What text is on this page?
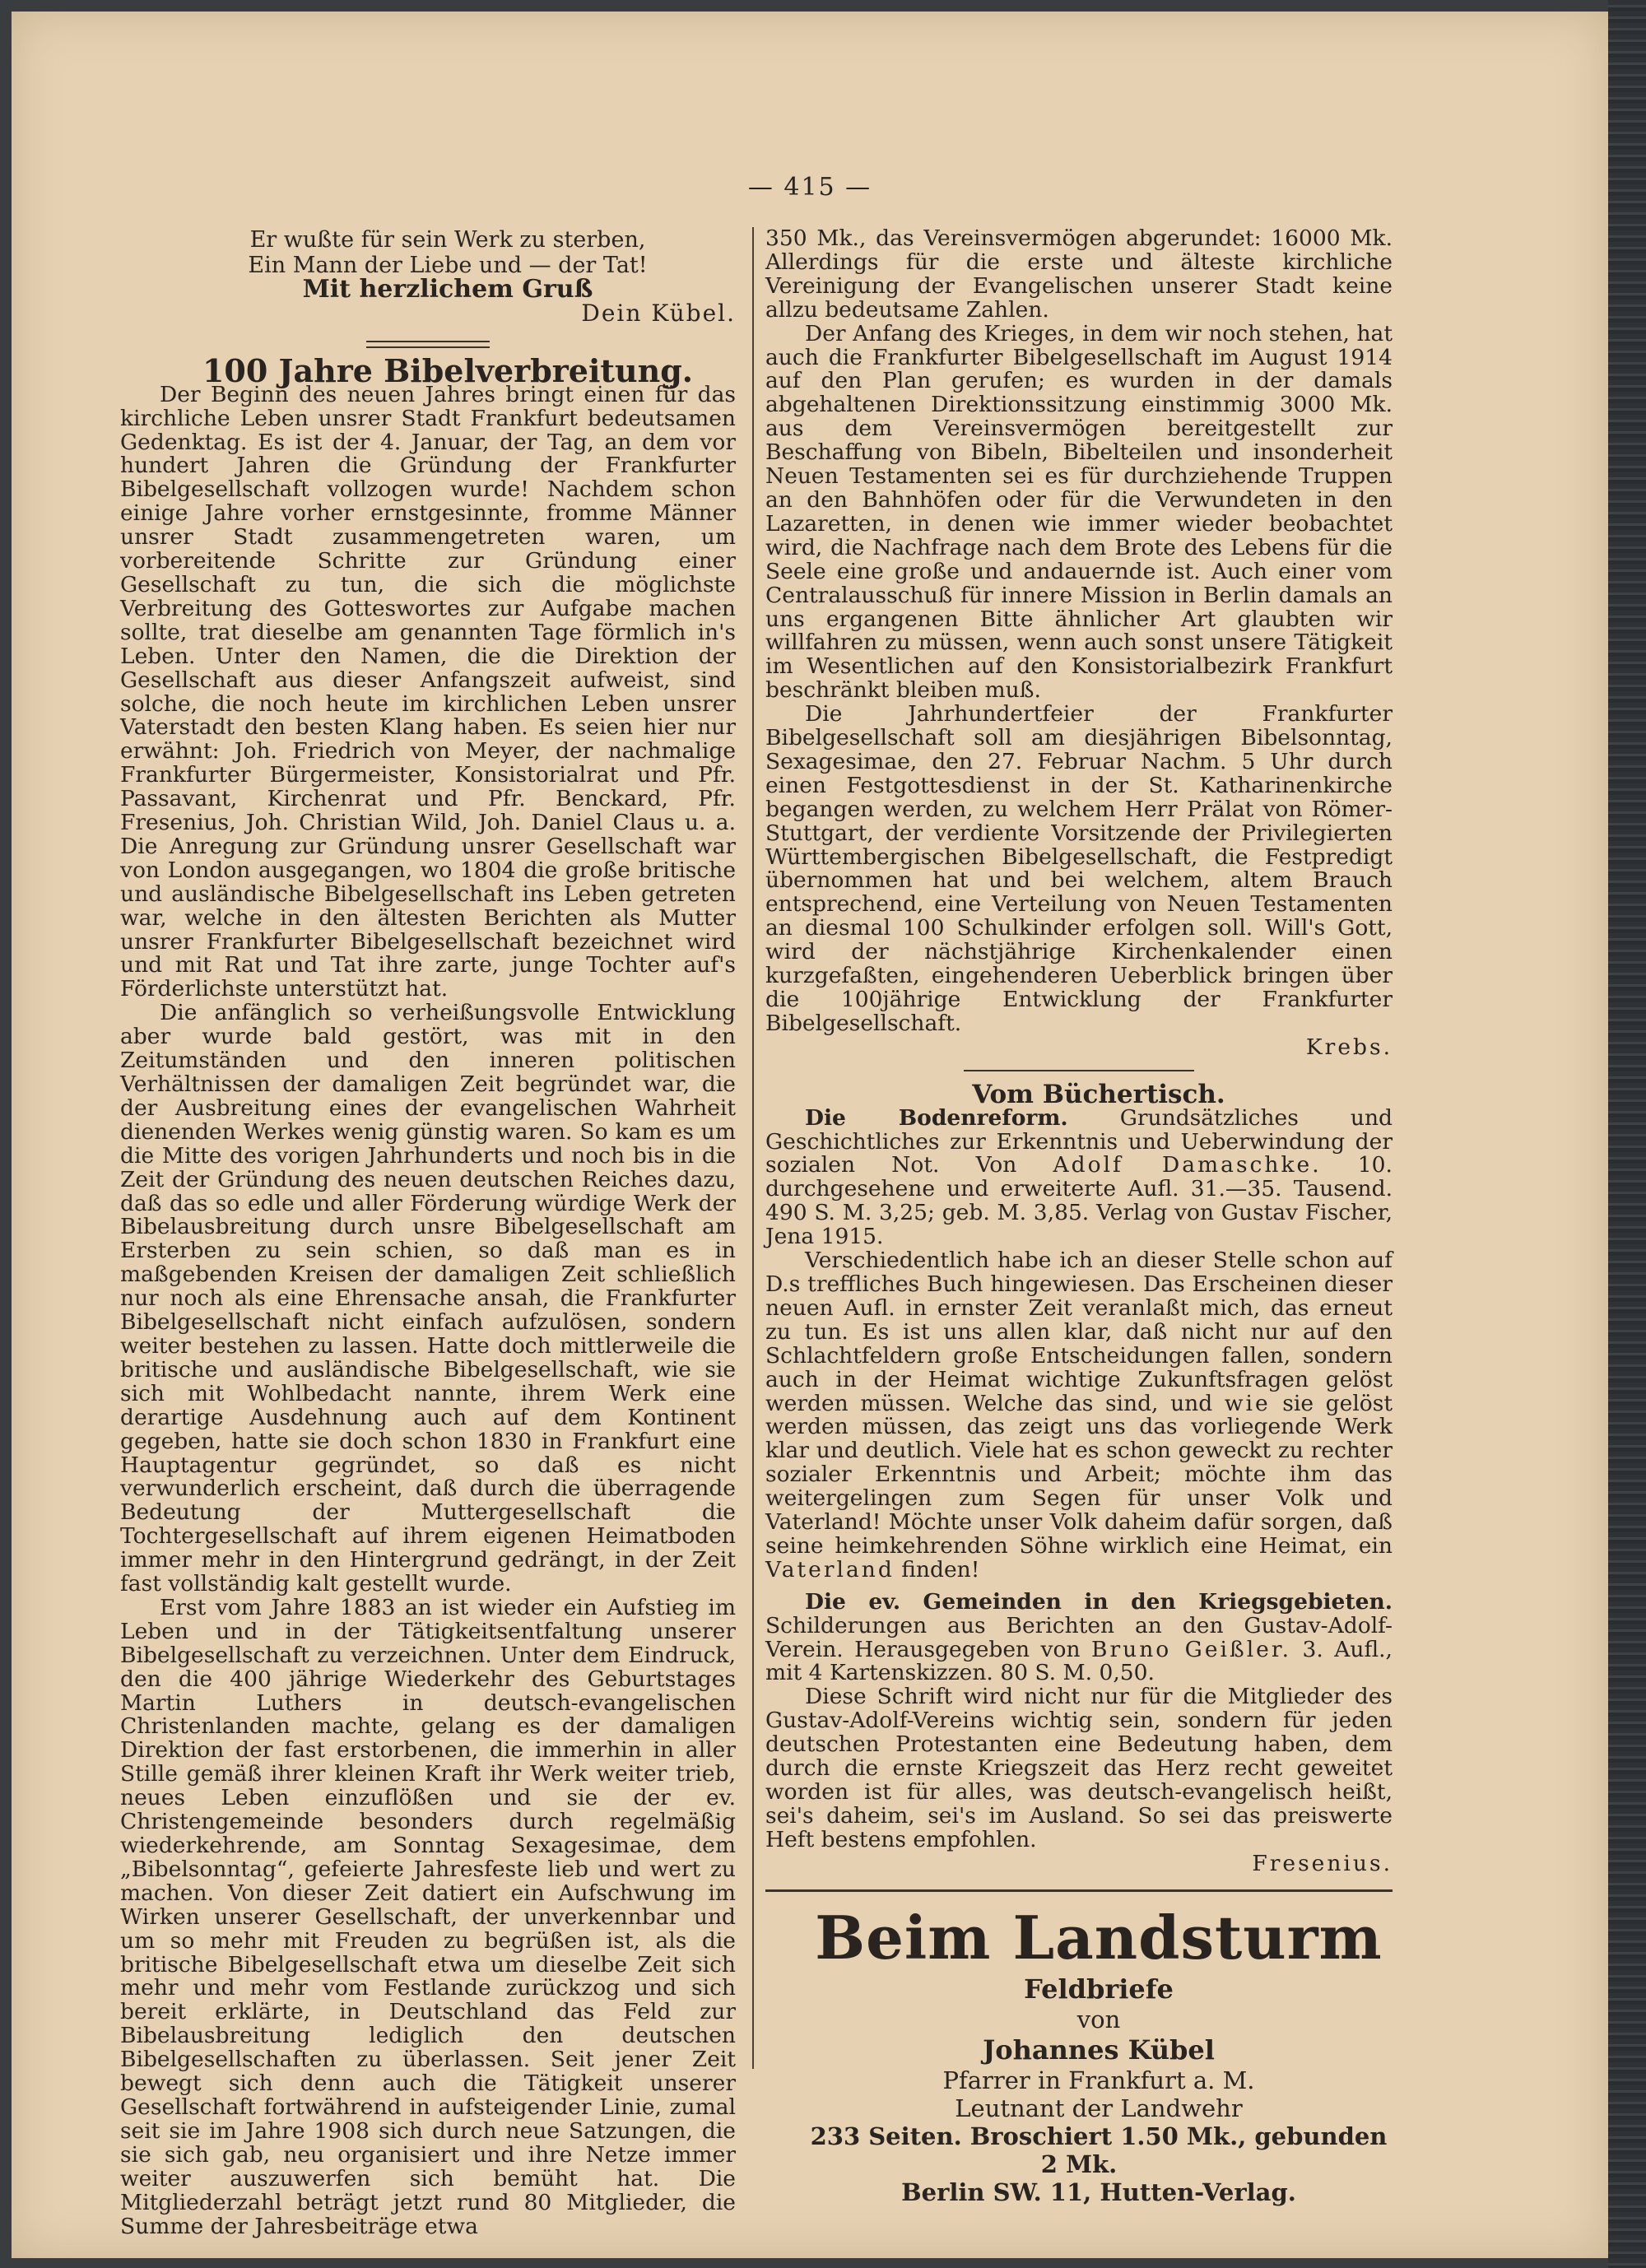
— 415 —

Er wußte für sein Werk zu sterben,

Ein Mann der Liebe und — der Tat!

Mit herzlichem Gruß

Dein Kübel.

100 Jahre Bibelverbreitung.

Der Beginn des neuen Jahres bringt einen für das kirchliche Leben unsrer Stadt Frankfurt bedeutsamen Gedenktag. Es ist der 4. Januar, der Tag, an dem vor hundert Jahren die Gründung der Frankfurter Bibelgesellschaft vollzogen wurde! Nachdem schon einige Jahre vorher ernstgesinnte, fromme Männer unsrer Stadt zusammengetreten waren, um vorbereitende Schritte zur Gründung einer Gesellschaft zu tun, die sich die möglichste Verbreitung des Gotteswortes zur Aufgabe machen sollte, trat dieselbe am genannten Tage förmlich in's Leben. Unter den Namen, die die Direktion der Gesellschaft aus dieser Anfangszeit aufweist, sind solche, die noch heute im kirchlichen Leben unsrer Vaterstadt den besten Klang haben. Es seien hier nur erwähnt: Joh. Friedrich von Meyer, der nachmalige Frankfurter Bürgermeister, Konsistorialrat und Pfr. Passavant, Kirchenrat und Pfr. Benckard, Pfr. Fresenius, Joh. Christian Wild, Joh. Daniel Claus u. a. Die Anregung zur Gründung unsrer Gesellschaft war von London ausgegangen, wo 1804 die große britische und ausländische Bibelgesellschaft ins Leben getreten war, welche in den ältesten Berichten als Mutter unsrer Frankfurter Bibelgesellschaft bezeichnet wird und mit Rat und Tat ihre zarte, junge Tochter auf's Förderlichste unterstützt hat.

Die anfänglich so verheißungsvolle Entwicklung aber wurde bald gestört, was mit in den Zeitumständen und den inneren politischen Verhältnissen der damaligen Zeit begründet war, die der Ausbreitung eines der evangelischen Wahrheit dienenden Werkes wenig günstig waren. So kam es um die Mitte des vorigen Jahrhunderts und noch bis in die Zeit der Gründung des neuen deutschen Reiches dazu, daß das so edle und aller Förderung würdige Werk der Bibelausbreitung durch unsre Bibelgesellschaft am Ersterben zu sein schien, so daß man es in maßgebenden Kreisen der damaligen Zeit schließlich nur noch als eine Ehrensache ansah, die Frankfurter Bibelgesellschaft nicht einfach aufzulösen, sondern weiter bestehen zu lassen. Hatte doch mittlerweile die britische und ausländische Bibelgesellschaft, wie sie sich mit Wohlbedacht nannte, ihrem Werk eine derartige Ausdehnung auch auf dem Kontinent gegeben, hatte sie doch schon 1830 in Frankfurt eine Hauptagentur gegründet, so daß es nicht verwunderlich erscheint, daß durch die überragende Bedeutung der Muttergesellschaft die Tochtergesellschaft auf ihrem eigenen Heimatboden immer mehr in den Hintergrund gedrängt, in der Zeit fast vollständig kalt gestellt wurde.

Erst vom Jahre 1883 an ist wieder ein Aufstieg im Leben und in der Tätigkeitsentfaltung unserer Bibelgesellschaft zu verzeichnen. Unter dem Eindruck, den die 400 jährige Wiederkehr des Geburtstages Martin Luthers in deutsch-evangelischen Christenlanden machte, gelang es der damaligen Direktion der fast erstorbenen, die immerhin in aller Stille gemäß ihrer kleinen Kraft ihr Werk weiter trieb, neues Leben einzuflößen und sie der ev. Christengemeinde besonders durch regelmäßig wiederkehrende, am Sonntag Sexagesimae, dem „Bibelsonntag“, gefeierte Jahresfeste lieb und wert zu machen. Von dieser Zeit datiert ein Aufschwung im Wirken unserer Gesellschaft, der unverkennbar und um so mehr mit Freuden zu begrüßen ist, als die britische Bibelgesellschaft etwa um dieselbe Zeit sich mehr und mehr vom Festlande zurückzog und sich bereit erklärte, in Deutschland das Feld zur Bibelausbreitung lediglich den deutschen Bibelgesellschaften zu überlassen. Seit jener Zeit bewegt sich denn auch die Tätigkeit unserer Gesellschaft fortwährend in aufsteigender Linie, zumal seit sie im Jahre 1908 sich durch neue Satzungen, die sie sich gab, neu organisiert und ihre Netze immer weiter auszuwerfen sich bemüht hat. Die Mitgliederzahl beträgt jetzt rund 80 Mitglieder, die Summe der Jahresbeiträge etwa

350 Mk., das Vereinsvermögen abgerundet: 16000 Mk. Allerdings für die erste und älteste kirchliche Vereinigung der Evangelischen unserer Stadt keine allzu bedeutsame Zahlen.

Der Anfang des Krieges, in dem wir noch stehen, hat auch die Frankfurter Bibelgesellschaft im August 1914 auf den Plan gerufen; es wurden in der damals abgehaltenen Direktionssitzung einstimmig 3000 Mk. aus dem Vereinsvermögen bereitgestellt zur Beschaffung von Bibeln, Bibelteilen und insonderheit Neuen Testamenten sei es für durchziehende Truppen an den Bahnhöfen oder für die Verwundeten in den Lazaretten, in denen wie immer wieder beobachtet wird, die Nachfrage nach dem Brote des Lebens für die Seele eine große und andauernde ist. Auch einer vom Centralausschuß für innere Mission in Berlin damals an uns ergangenen Bitte ähnlicher Art glaubten wir willfahren zu müssen, wenn auch sonst unsere Tätigkeit im Wesentlichen auf den Konsistorialbezirk Frankfurt beschränkt bleiben muß.

Die Jahrhundertfeier der Frankfurter Bibelgesellschaft soll am diesjährigen Bibelsonntag, Sexagesimae, den 27. Februar Nachm. 5 Uhr durch einen Festgottesdienst in der St. Katharinenkirche begangen werden, zu welchem Herr Prälat von Römer-Stuttgart, der verdiente Vorsitzende der Privilegierten Württembergischen Bibelgesellschaft, die Festpredigt übernommen hat und bei welchem, altem Brauch entsprechend, eine Verteilung von Neuen Testamenten an diesmal 100 Schulkinder erfolgen soll. Will's Gott, wird der nächstjährige Kirchenkalender einen kurzgefaßten, eingehenderen Ueberblick bringen über die 100jährige Entwicklung der Frankfurter Bibelgesellschaft.

Krebs.

Vom Büchertisch.

Die Bodenreform. Grundsätzliches und Geschichtliches zur Erkenntnis und Ueberwindung der sozialen Not. Von Adolf Damaschke. 10. durchgesehene und erweiterte Aufl. 31.—35. Tausend. 490 S. M. 3,25; geb. M. 3,85. Verlag von Gustav Fischer, Jena 1915.

Verschiedentlich habe ich an dieser Stelle schon auf D.s treffliches Buch hingewiesen. Das Erscheinen dieser neuen Aufl. in ernster Zeit veranlaßt mich, das erneut zu tun. Es ist uns allen klar, daß nicht nur auf den Schlachtfeldern große Entscheidungen fallen, sondern auch in der Heimat wichtige Zukunftsfragen gelöst werden müssen. Welche das sind, und wie sie gelöst werden müssen, das zeigt uns das vorliegende Werk klar und deutlich. Viele hat es schon geweckt zu rechter sozialer Erkenntnis und Arbeit; möchte ihm das weitergelingen zum Segen für unser Volk und Vaterland! Möchte unser Volk daheim dafür sorgen, daß seine heimkehrenden Söhne wirklich eine Heimat, ein Vaterland finden!

Die ev. Gemeinden in den Kriegsgebieten. Schilderungen aus Berichten an den Gustav-Adolf-Verein. Herausgegeben von Bruno Geißler. 3. Aufl., mit 4 Kartenskizzen. 80 S. M. 0,50.

Diese Schrift wird nicht nur für die Mitglieder des Gustav-Adolf-Vereins wichtig sein, sondern für jeden deutschen Protestanten eine Bedeutung haben, dem durch die ernste Kriegszeit das Herz recht geweitet worden ist für alles, was deutsch-evangelisch heißt, sei's daheim, sei's im Ausland. So sei das preiswerte Heft bestens empfohlen.

Fresenius.

Beim Landsturm

Feldbriefe

von

Johannes Kübel

Pfarrer in Frankfurt a. M.

Leutnant der Landwehr

233 Seiten. Broschiert 1.50 Mk., gebunden 2 Mk.

Berlin SW. 11, Hutten-Verlag.
